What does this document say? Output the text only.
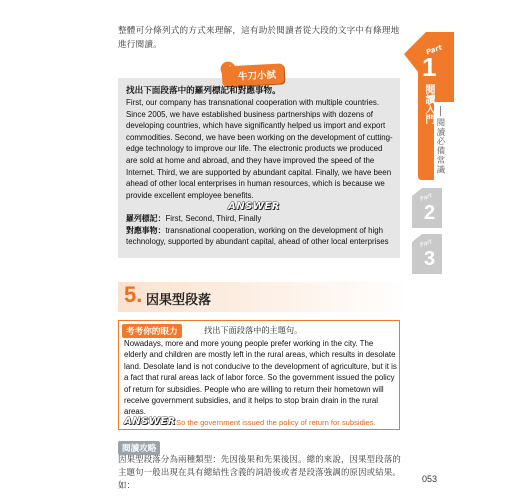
整體可分條列式的方式來理解，這有助於閱讀者從大段的文字中有條理地進行閱讀。
牛刀小試
找出下面段落中的羅列標記和對應事物。
First, our company has transnational cooperation with multiple countries. Since 2005, we have established business partnerships with dozens of developing countries, which have significantly helped us import and export commodities. Second, we have been working on the development of cutting-edge technology to improve our life. The electronic products we produced are sold at home and abroad, and they have improved the speed of the Internet. Third, we are supported by abundant capital. Finally, we have been ahead of other local enterprises in human resources, which is because we provide excellent employee benefits.
ANSWER
羅列標記：First, Second, Third, Finally
對應事物：transnational cooperation, working on the development of high technology, supported by abundant capital, ahead of other local enterprises
Part
1
閱讀入門
閱讀必備常識
Part
2
Part
3
5. 因果型段落
考考你的眼力	找出下面段落中的主題句。
Nowadays, more and more young people prefer working in the city. The elderly and children are mostly left in the rural areas, which results in desolate land. Desolate land is not conducive to the development of agriculture, but it is a fact that rural areas lack of labor force. So the government issued the policy of return for subsidies. People who are willing to return their hometown will receive government subsidies, and it helps to stop brain drain in the rural areas.
ANSWER So the government issued the policy of return for subsidies.
閱讀攻略
因果型段落分為兩種類型：先因後果和先果後因。總的來說，因果型段落的主題句一般出現在具有總結性含義的詞語後或者是段落強調的原因或結果。如：
053
